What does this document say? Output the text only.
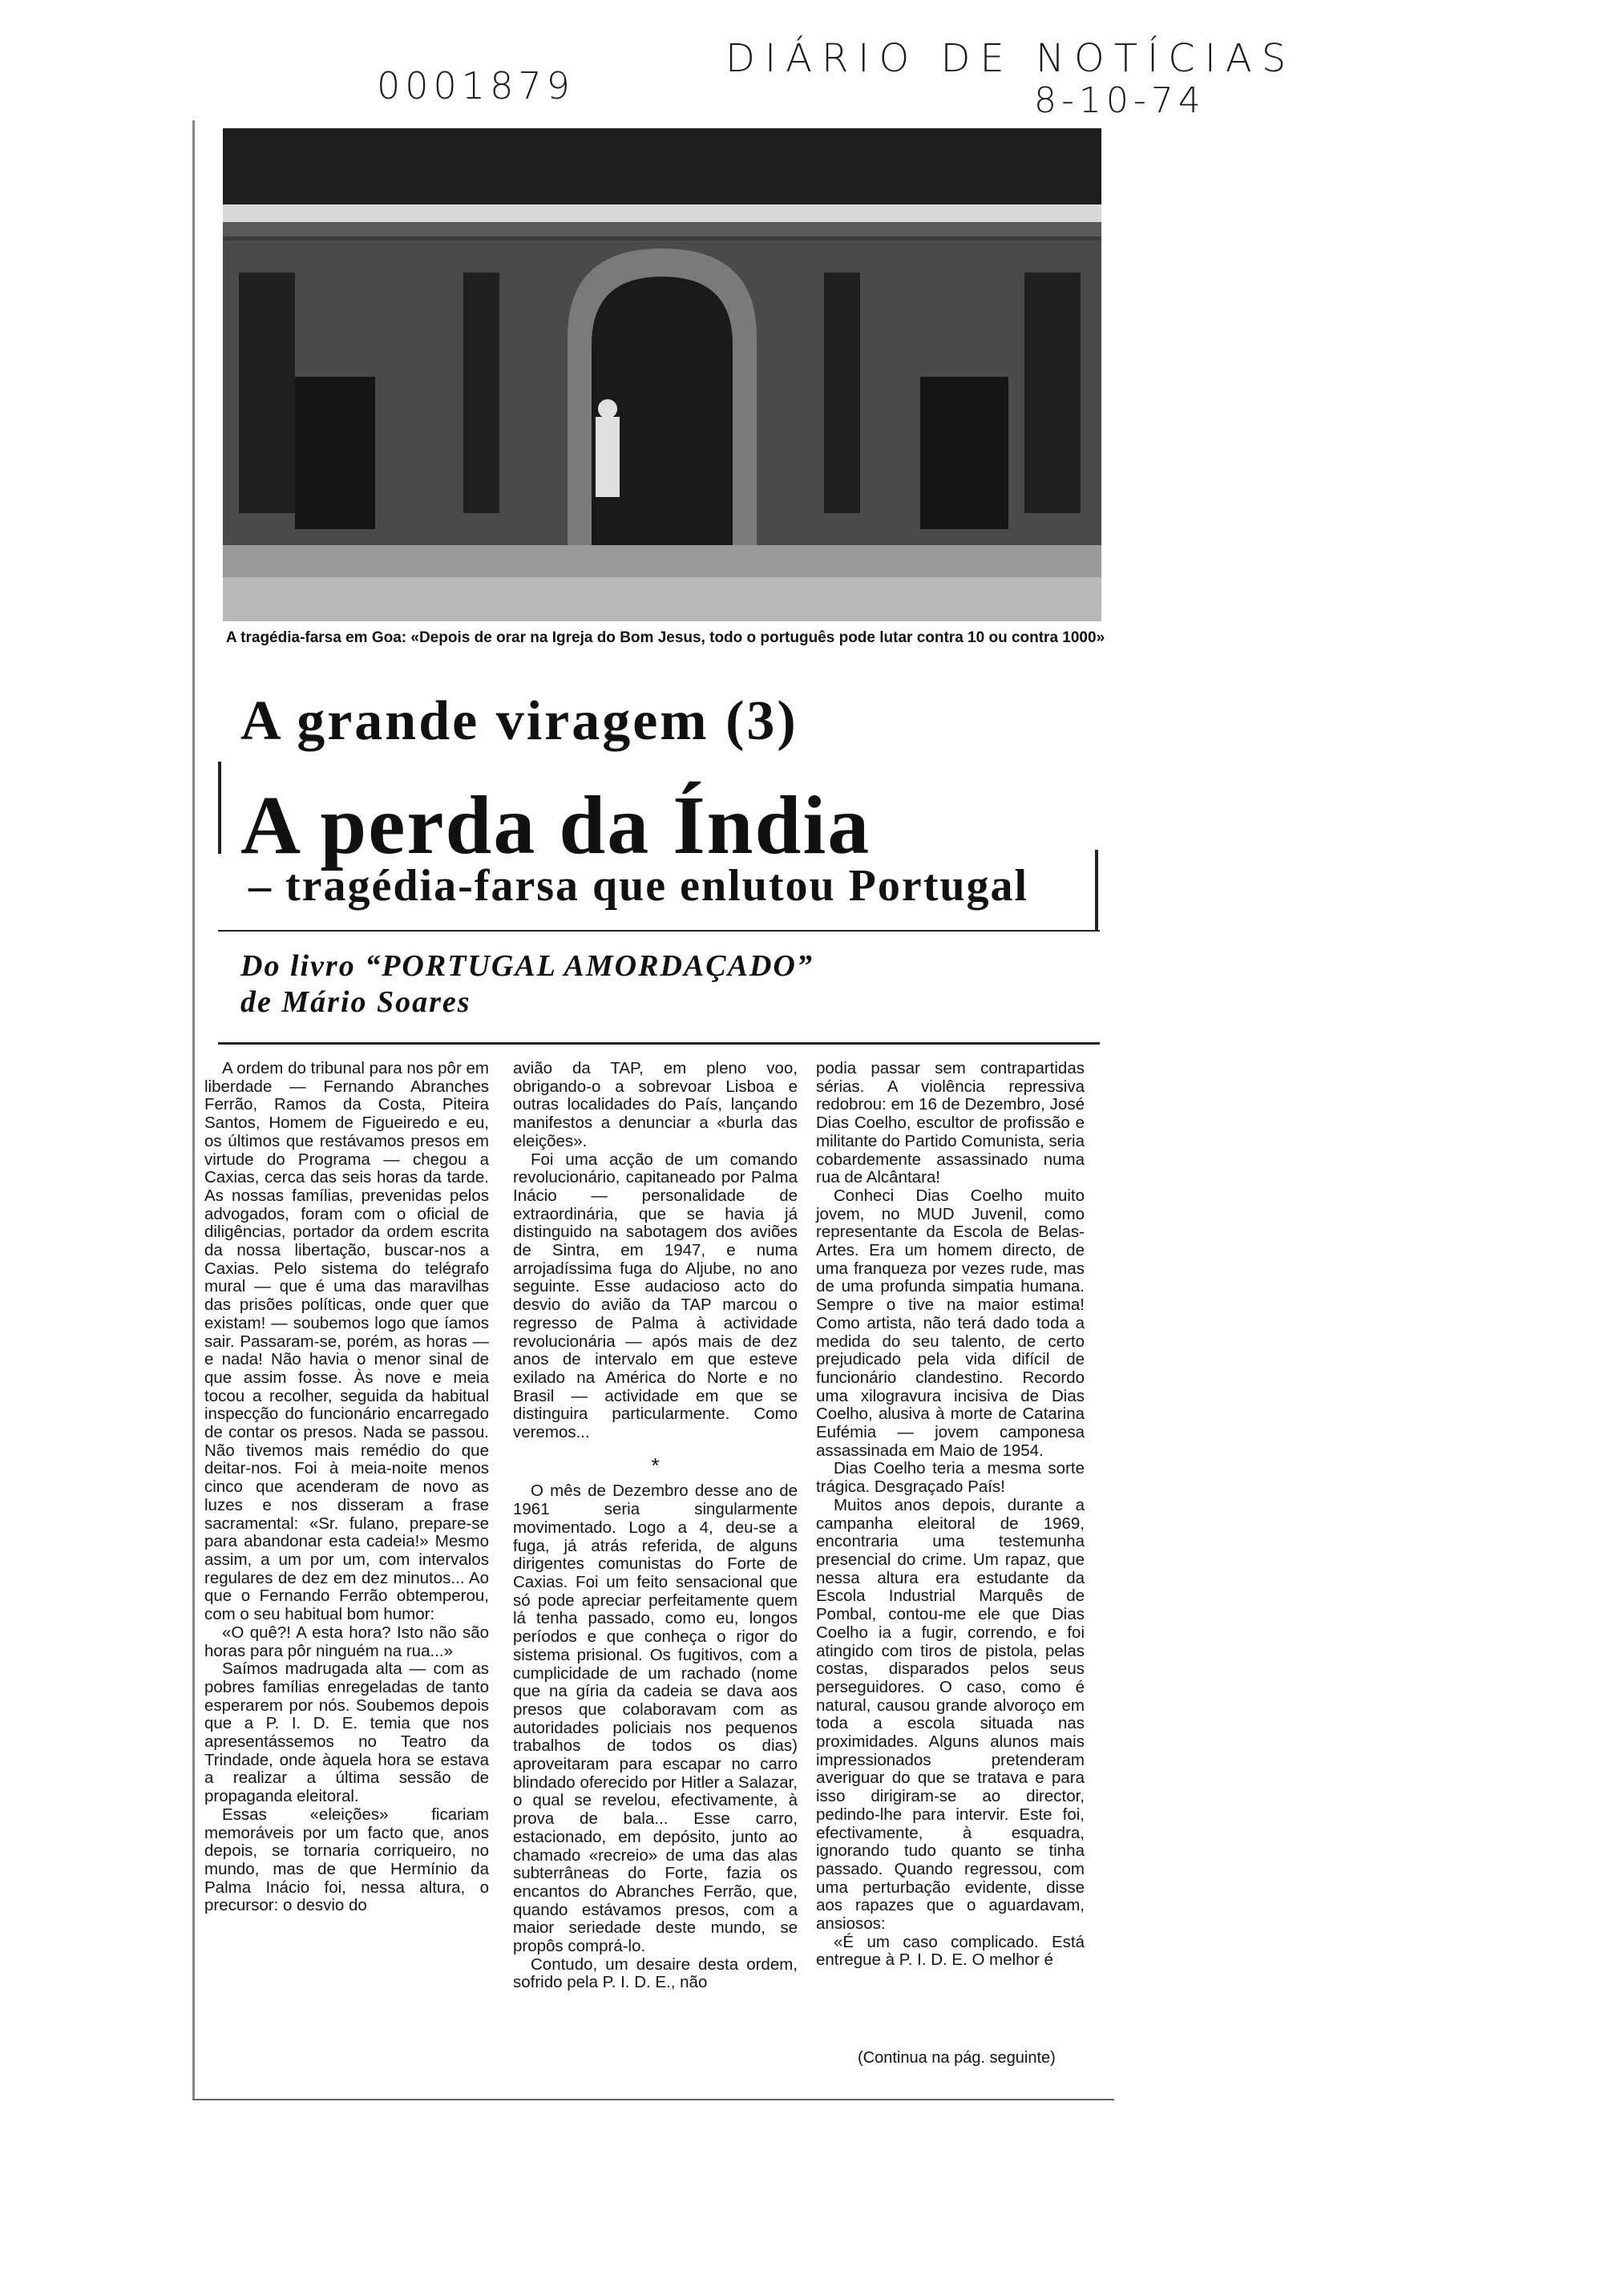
0001879
DIÁRIO DE NOTÍCIAS
8-10-74
A tragédia-farsa em Goa: «Depois de orar na Igreja do Bom Jesus, todo o português pode lutar contra 10 ou contra 1000»
A grande viragem (3)
A perda da Índia
– tragédia-farsa que enlutou Portugal
Do livro “PORTUGAL AMORDAÇADO”
de Mário Soares

A ordem do tribunal para nos pôr em liberdade — Fernando Abranches Ferrão, Ramos da Costa, Piteira Santos, Homem de Figueiredo e eu, os últimos que restávamos presos em virtude do Programa — chegou a Caxias, cerca das seis horas da tarde. As nossas famílias, prevenidas pelos advogados, foram com o oficial de diligências, portador da ordem escrita da nossa libertação, buscar-nos a Caxias. Pelo sistema do telégrafo mural — que é uma das maravilhas das prisões políticas, onde quer que existam! — soubemos logo que íamos sair. Passaram-se, porém, as horas — e nada! Não havia o menor sinal de que assim fosse. Às nove e meia tocou a recolher, seguida da habitual inspecção do funcionário encarregado de contar os presos. Nada se passou. Não tivemos mais remédio do que deitar-nos. Foi à meia-noite menos cinco que acenderam de novo as luzes e nos disseram a frase sacramental: «Sr. fulano, prepare-se para abandonar esta cadeia!» Mesmo assim, a um por um, com intervalos regulares de dez em dez minutos... Ao que o Fernando Ferrão obtemperou, com o seu habitual bom humor:

«O quê?! A esta hora? Isto não são horas para pôr ninguém na rua...»

Saímos madrugada alta — com as pobres famílias enregeladas de tanto esperarem por nós. Soubemos depois que a P. I. D. E. temia que nos apresentássemos no Teatro da Trindade, onde àquela hora se estava a realizar a última sessão de propaganda eleitoral.

Essas «eleições» ficariam memoráveis por um facto que, anos depois, se tornaria corriqueiro, no mundo, mas de que Hermínio da Palma Inácio foi, nessa altura, o precursor: o desvio do

avião da TAP, em pleno voo, obrigando-o a sobrevoar Lisboa e outras localidades do País, lançando manifestos a denunciar a «burla das eleições».

Foi uma acção de um comando revolucionário, capitaneado por Palma Inácio — personalidade de extraordinária, que se havia já distinguido na sabotagem dos aviões de Sintra, em 1947, e numa arrojadíssima fuga do Aljube, no ano seguinte. Esse audacioso acto do desvio do avião da TAP marcou o regresso de Palma à actividade revolucionária — após mais de dez anos de intervalo em que esteve exilado na América do Norte e no Brasil — actividade em que se distinguira particularmente. Como veremos...

*

O mês de Dezembro desse ano de 1961 seria singularmente movimentado. Logo a 4, deu-se a fuga, já atrás referida, de alguns dirigentes comunistas do Forte de Caxias. Foi um feito sensacional que só pode apreciar perfeitamente quem lá tenha passado, como eu, longos períodos e que conheça o rigor do sistema prisional. Os fugitivos, com a cumplicidade de um rachado (nome que na gíria da cadeia se dava aos presos que colaboravam com as autoridades policiais nos pequenos trabalhos de todos os dias) aproveitaram para escapar no carro blindado oferecido por Hitler a Salazar, o qual se revelou, efectivamente, à prova de bala... Esse carro, estacionado, em depósito, junto ao chamado «recreio» de uma das alas subterrâneas do Forte, fazia os encantos do Abranches Ferrão, que, quando estávamos presos, com a maior seriedade deste mundo, se propôs comprá-lo.

Contudo, um desaire desta ordem, sofrido pela P. I. D. E., não

podia passar sem contrapartidas sérias. A violência repressiva redobrou: em 16 de Dezembro, José Dias Coelho, escultor de profissão e militante do Partido Comunista, seria cobardemente assassinado numa rua de Alcântara!

Conheci Dias Coelho muito jovem, no MUD Juvenil, como representante da Escola de Belas-Artes. Era um homem directo, de uma franqueza por vezes rude, mas de uma profunda simpatia humana. Sempre o tive na maior estima! Como artista, não terá dado toda a medida do seu talento, de certo prejudicado pela vida difícil de funcionário clandestino. Recordo uma xilogravura incisiva de Dias Coelho, alusiva à morte de Catarina Eufémia — jovem camponesa assassinada em Maio de 1954.

Dias Coelho teria a mesma sorte trágica. Desgraçado País!

Muitos anos depois, durante a campanha eleitoral de 1969, encontraria uma testemunha presencial do crime. Um rapaz, que nessa altura era estudante da Escola Industrial Marquês de Pombal, contou-me ele que Dias Coelho ia a fugir, correndo, e foi atingido com tiros de pistola, pelas costas, disparados pelos seus perseguidores. O caso, como é natural, causou grande alvoroço em toda a escola situada nas proximidades. Alguns alunos mais impressionados pretenderam averiguar do que se tratava e para isso dirigiram-se ao director, pedindo-lhe para intervir. Este foi, efectivamente, à esquadra, ignorando tudo quanto se tinha passado. Quando regressou, com uma perturbação evidente, disse aos rapazes que o aguardavam, ansiosos:

«É um caso complicado. Está entregue à P. I. D. E. O melhor é

(Continua na pág. seguinte)
